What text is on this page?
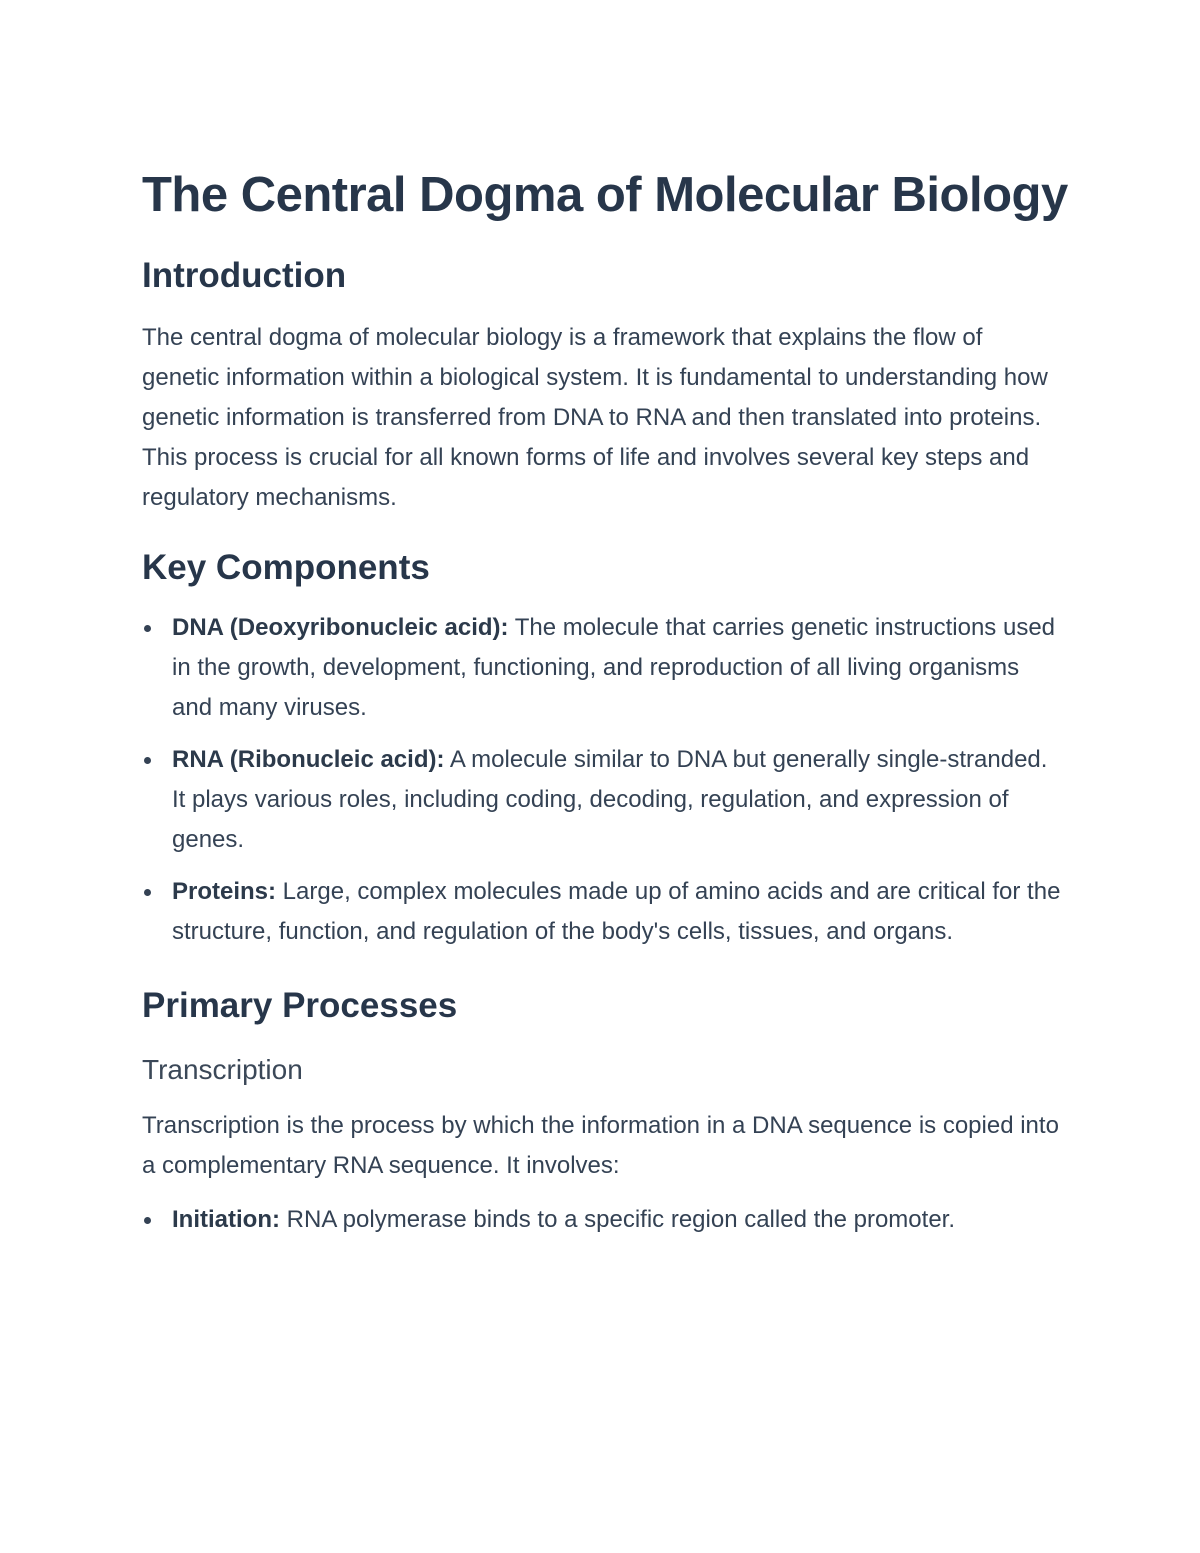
The Central Dogma of Molecular Biology
Introduction

The central dogma of molecular biology is a framework that explains the flow of genetic information within a biological system. It is fundamental to understanding how genetic information is transferred from DNA to RNA and then translated into proteins. This process is crucial for all known forms of life and involves several key steps and regulatory mechanisms.

Key Components
DNA (Deoxyribonucleic acid): The molecule that carries genetic instructions used in the growth, development, functioning, and reproduction of all living organisms and many viruses.
RNA (Ribonucleic acid): A molecule similar to DNA but generally single-stranded. It plays various roles, including coding, decoding, regulation, and expression of genes.
Proteins: Large, complex molecules made up of amino acids and are critical for the structure, function, and regulation of the body's cells, tissues, and organs.
Primary Processes
Transcription

Transcription is the process by which the information in a DNA sequence is copied into a complementary RNA sequence. It involves:

Initiation: RNA polymerase binds to a specific region called the promoter.
